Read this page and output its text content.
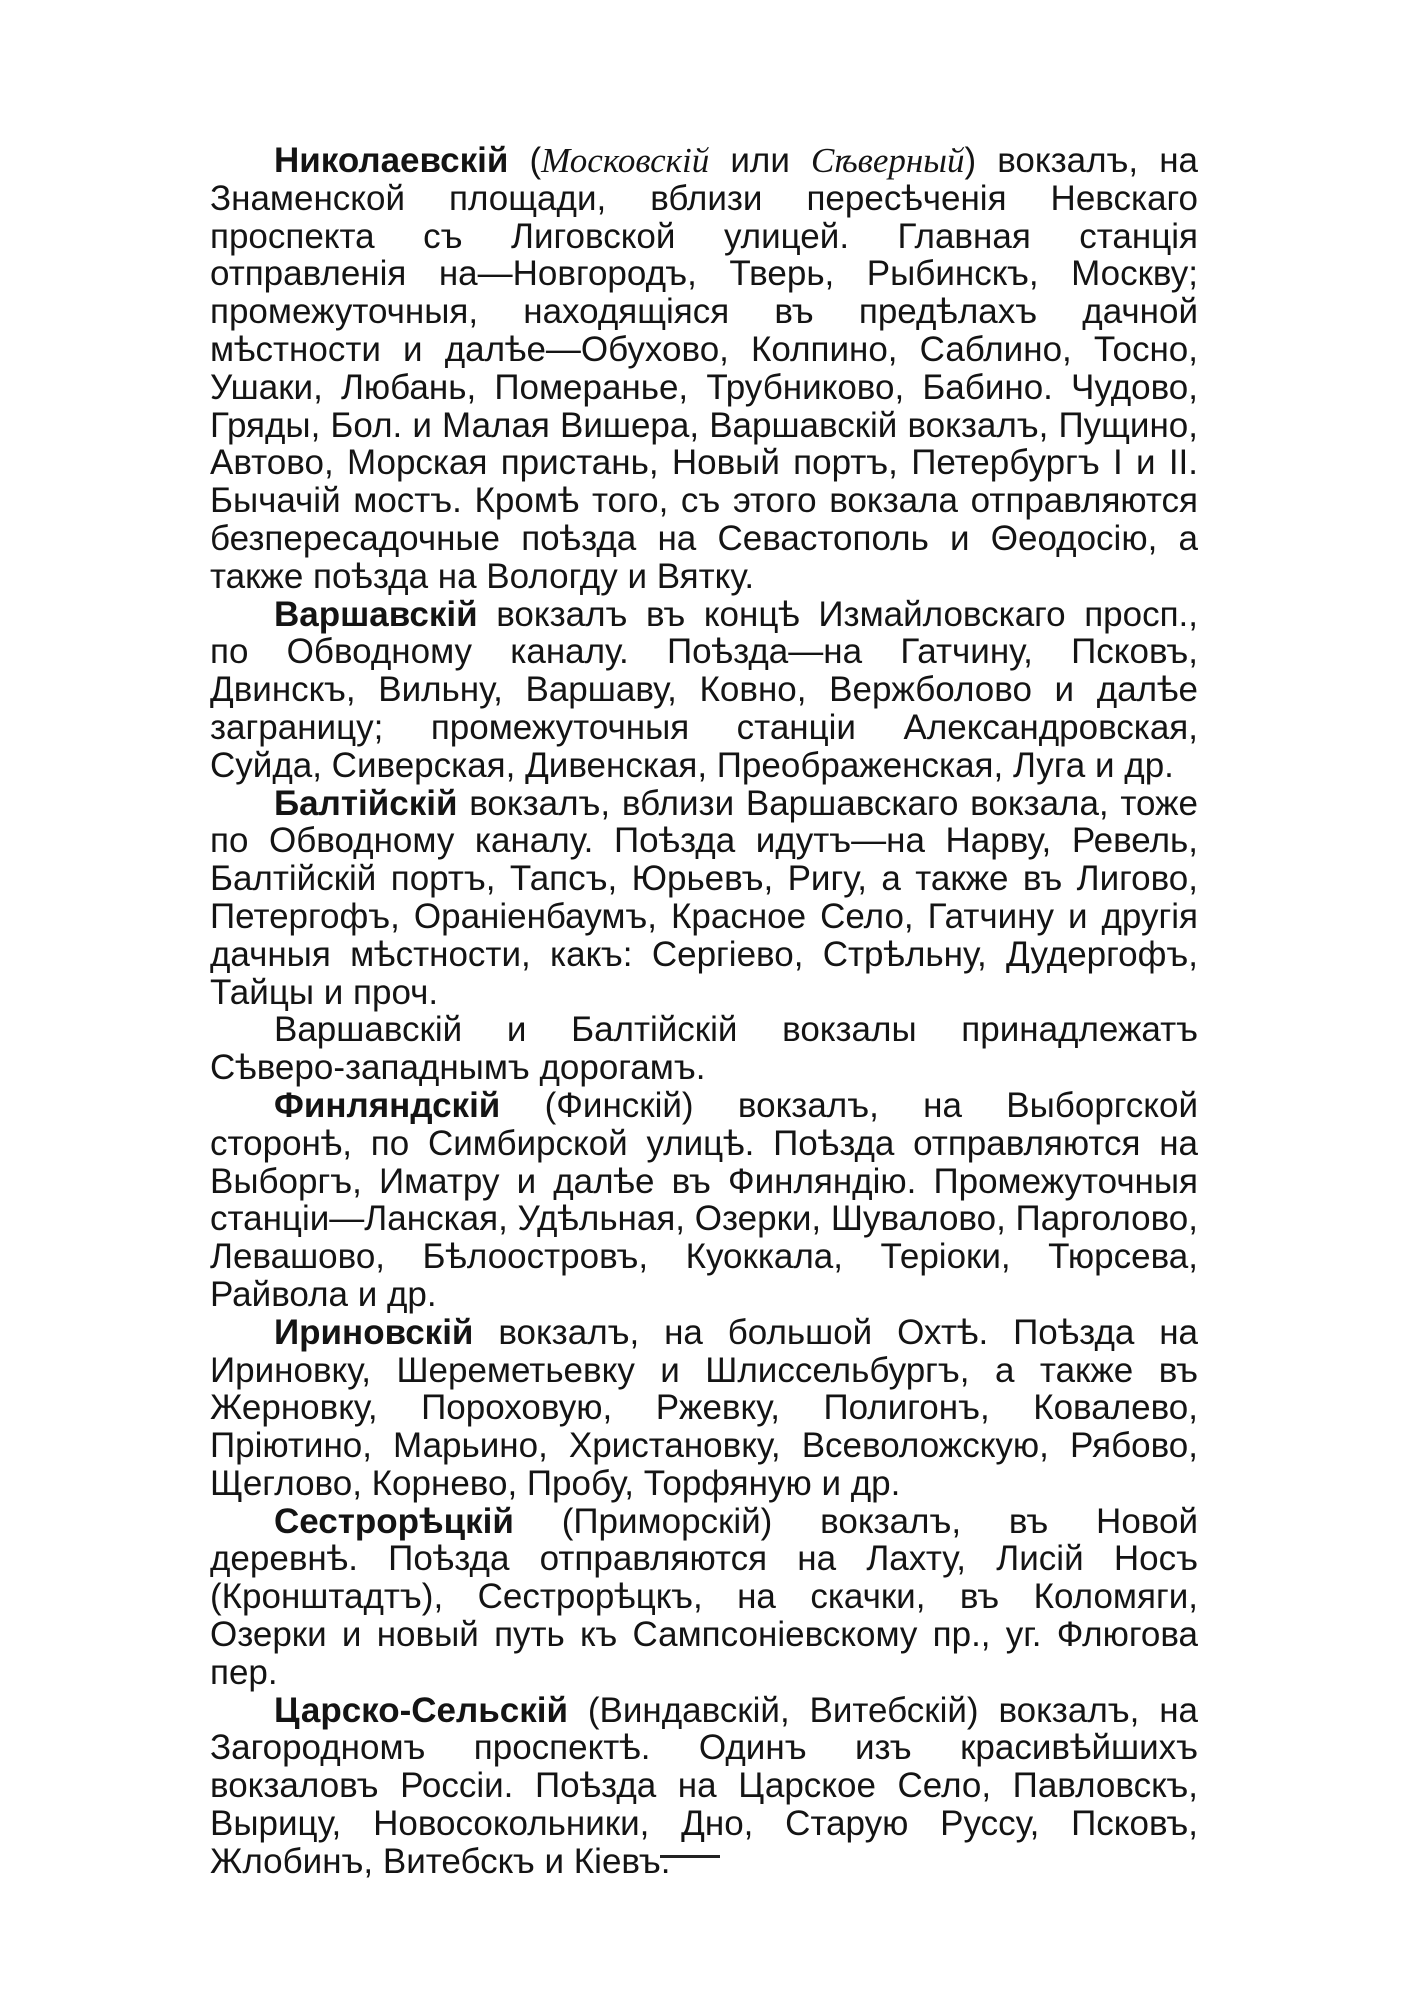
Николаевскій (Московскій или Сѣверный) вокзалъ, на Знаменской площади, вблизи пересѣченія Невскаго проспекта съ Лиговской улицей. Главная станція отправленія на—Новгородъ, Тверь, Рыбинскъ, Москву; промежуточныя, находящіяся въ предѣлахъ дачной мѣстности и далѣе—Обухово, Колпино, Саблино, Тосно, Ушаки, Любань, Померанье, Трубниково, Бабино. Чудово, Гряды, Бол. и Малая Вишера, Варшавскій вокзалъ, Пущино, Автово, Морская пристань, Новый портъ, Петербургъ I и II. Бычачій мостъ. Кромѣ того, съ этого вокзала отправляются безпересадочные поѣзда на Севастополь и Θеодосію, а также поѣзда на Вологду и Вятку.

Варшавскій вокзалъ въ концѣ Измайловскаго просп., по Обводному каналу. Поѣзда—на Гатчину, Псковъ, Двинскъ, Вильну, Варшаву, Ковно, Вержболово и далѣе заграницу; промежуточныя станціи Александровская, Суйда, Сиверская, Дивенская, Преображенская, Луга и др.

Балтійскій вокзалъ, вблизи Варшавскаго вокзала, тоже по Обводному каналу. Поѣзда идутъ—на Нарву, Ревель, Балтійскій портъ, Тапсъ, Юрьевъ, Ригу, а также въ Лигово, Петергофъ, Ораніенбаумъ, Красное Село, Гатчину и другія дачныя мѣстности, какъ: Сергіево, Стрѣльну, Дудергофъ, Тайцы и проч.

Варшавскій и Балтійскій вокзалы принадлежатъ Сѣверо-западнымъ дорогамъ.

Финляндскій (Финскій) вокзалъ, на Выборгской сторонѣ, по Симбирской улицѣ. Поѣзда отправляются на Выборгъ, Иматру и далѣе въ Финляндію. Промежуточныя станціи—Ланская, Удѣльная, Озерки, Шувалово, Парголово, Левашово, Бѣлоостровъ, Куоккала, Теріоки, Тюрсева, Райвола и др.

Ириновскій вокзалъ, на большой Охтѣ. Поѣзда на Ириновку, Шереметьевку и Шлиссельбургъ, а также въ Жерновку, Пороховую, Ржевку, Полигонъ, Ковалево, Пріютино, Марьино, Христановку, Всеволожскую, Рябово, Щеглово, Корнево, Пробу, Торфяную и др.

Сестрорѣцкій (Приморскій) вокзалъ, въ Новой деревнѣ. Поѣзда отправляются на Лахту, Лисій Носъ (Кронштадтъ), Сестрорѣцкъ, на скачки, въ Коломяги, Озерки и новый путь къ Сампсоніевскому пр., уг. Флюгова пер.

Царско-Сельскій (Виндавскій, Витебскій) вокзалъ, на Загородномъ проспектѣ. Одинъ изъ красивѣйшихъ вокзаловъ Россіи. Поѣзда на Царское Село, Павловскъ, Вырицу, Новосокольники, Дно, Старую Руссу, Псковъ, Жлобинъ, Витебскъ и Кіевъ.
